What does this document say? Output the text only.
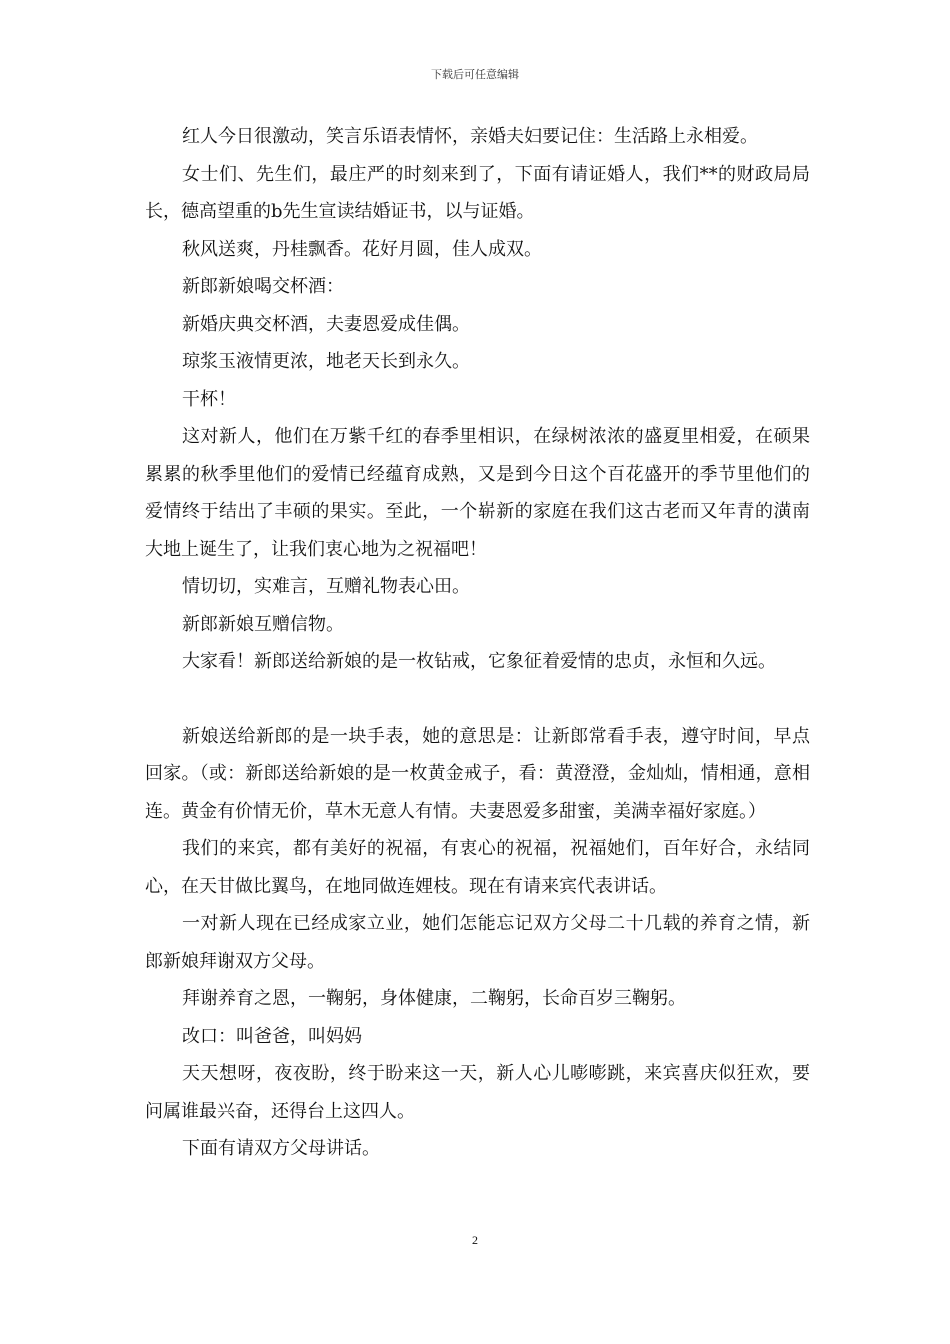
下载后可任意编辑

红人今日很激动，笑言乐语表情怀，亲婚夫妇要记住：生活路上永相爱。

女士们、先生们，最庄严的时刻来到了，下面有请证婚人，我们**的财政局局长，德高望重的b先生宣读结婚证书，以与证婚。

秋风送爽，丹桂飘香。花好月圆，佳人成双。

新郎新娘喝交杯酒：

新婚庆典交杯酒，夫妻恩爱成佳偶。

琼浆玉液情更浓，地老天长到永久。

干杯！

这对新人，他们在万紫千红的春季里相识，在绿树浓浓的盛夏里相爱，在硕果累累的秋季里他们的爱情已经蕴育成熟，又是到今日这个百花盛开的季节里他们的爱情终于结出了丰硕的果实。至此，一个崭新的家庭在我们这古老而又年青的潢南大地上诞生了，让我们衷心地为之祝福吧！

情切切，实难言，互赠礼物表心田。

新郎新娘互赠信物。

大家看！新郎送给新娘的是一枚钻戒，它象征着爱情的忠贞，永恒和久远。

新娘送给新郎的是一块手表，她的意思是：让新郎常看手表，遵守时间，早点回家。（或：新郎送给新娘的是一枚黄金戒子，看：黄澄澄，金灿灿，情相通，意相连。黄金有价情无价，草木无意人有情。夫妻恩爱多甜蜜，美满幸福好家庭。）

我们的来宾，都有美好的祝福，有衷心的祝福，祝福她们，百年好合，永结同心，在天甘做比翼鸟，在地同做连娌枝。现在有请来宾代表讲话。

一对新人现在已经成家立业，她们怎能忘记双方父母二十几载的养育之情，新郎新娘拜谢双方父母。

拜谢养育之恩，一鞠躬，身体健康，二鞠躬，长命百岁三鞠躬。

改口：叫爸爸，叫妈妈

天天想呀，夜夜盼，终于盼来这一天，新人心儿嘭嘭跳，来宾喜庆似狂欢，要问属谁最兴奋，还得台上这四人。

下面有请双方父母讲话。

2
